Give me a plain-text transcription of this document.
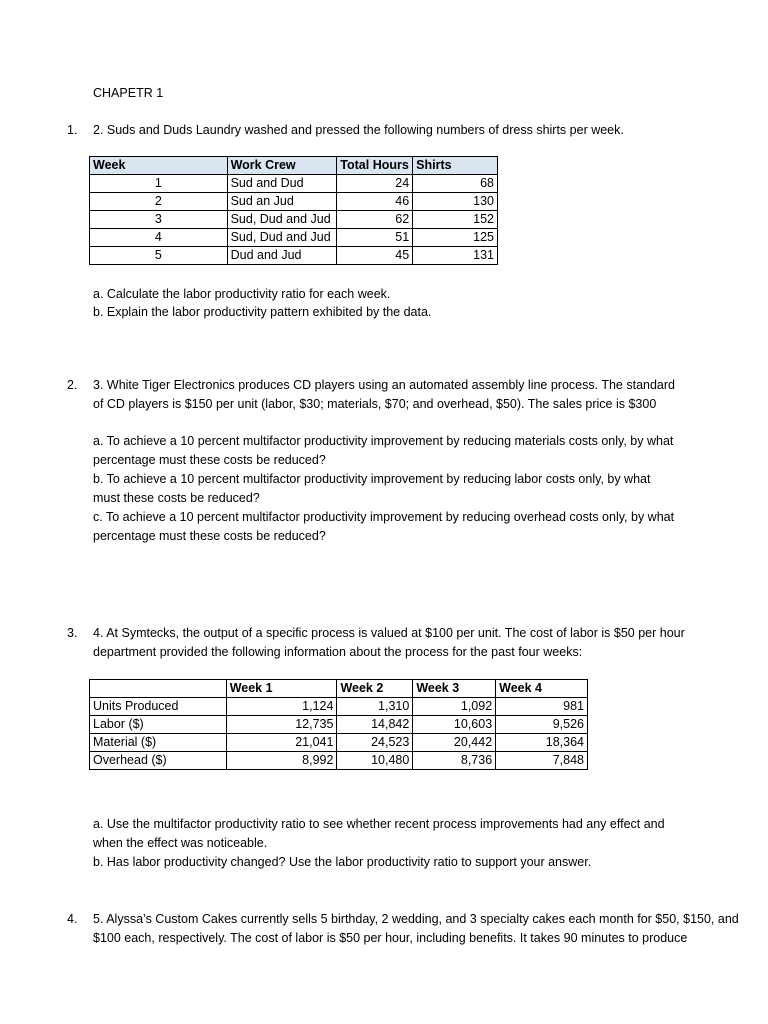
CHAPETR 1
1. 2. Suds and Duds Laundry washed and pressed the following numbers of dress shirts per week.
Week	Work Crew	Total Hours	Shirts
1	Sud and Dud	24	68
2	Sud an Jud	46	130
3	Sud, Dud and Jud	62	152
4	Sud, Dud and Jud	51	125
5	Dud and Jud	45	131
a. Calculate the labor productivity ratio for each week.
b. Explain the labor productivity pattern exhibited by the data.
2. 3. White Tiger Electronics produces CD players using an automated assembly line process. The standard
of CD players is $150 per unit (labor, $30; materials, $70; and overhead, $50). The sales price is $300
a. To achieve a 10 percent multifactor productivity improvement by reducing materials costs only, by what
percentage must these costs be reduced?
b. To achieve a 10 percent multifactor productivity improvement by reducing labor costs only, by what
must these costs be reduced?
c. To achieve a 10 percent multifactor productivity improvement by reducing overhead costs only, by what
percentage must these costs be reduced?
3. 4. At Symtecks, the output of a specific process is valued at $100 per unit. The cost of labor is $50 per hour
department provided the following information about the process for the past four weeks:
	Week 1	Week 2	Week 3	Week 4
Units Produced	1,124	1,310	1,092	981
Labor ($)	12,735	14,842	10,603	9,526
Material ($)	21,041	24,523	20,442	18,364
Overhead ($)	8,992	10,480	8,736	7,848
a. Use the multifactor productivity ratio to see whether recent process improvements had any effect and
when the effect was noticeable.
b. Has labor productivity changed? Use the labor productivity ratio to support your answer.
4. 5. Alyssa’s Custom Cakes currently sells 5 birthday, 2 wedding, and 3 specialty cakes each month for $50, $150, and
$100 each, respectively. The cost of labor is $50 per hour, including benefits. It takes 90 minutes to produce
